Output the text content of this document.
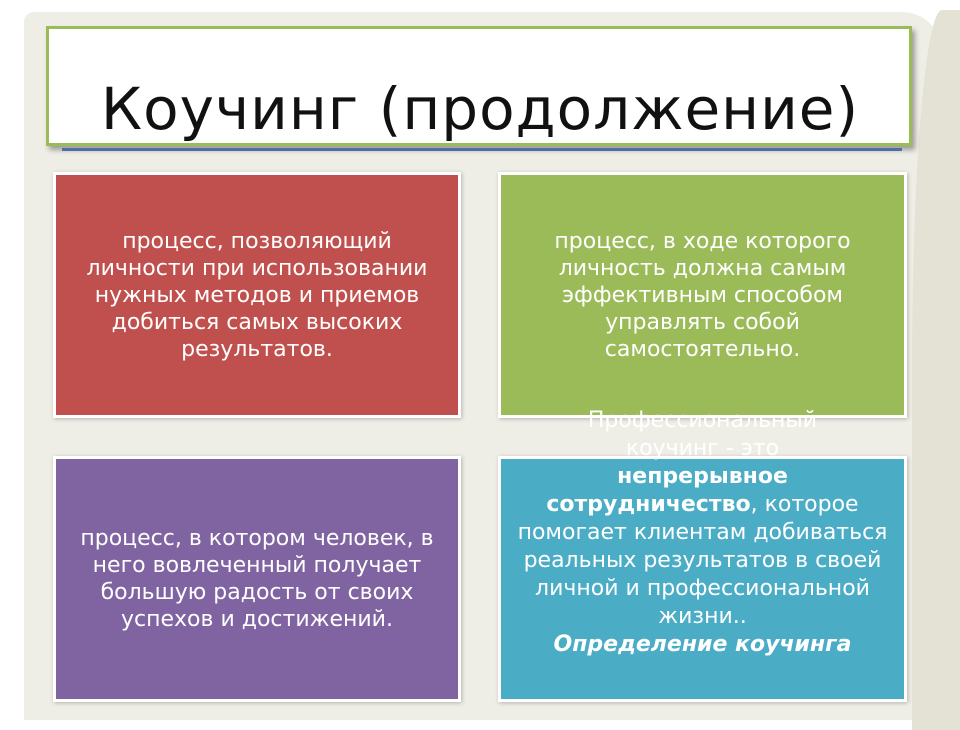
Коучинг (продолжение)
процесс, позволяющий личности при использовании нужных методов и приемов добиться самых высоких результатов.
процесс, в ходе которого личность должна самым эффективным способом управлять собой самостоятельно.
процесс, в котором человек, в него вовлеченный получает большую радость от своих успехов и достижений.
Профессиональный
коучинг - это
непрерывное сотрудничество, которое помогает клиентам добиваться реальных результатов в своей личной и профессиональной жизни..
Определение коучинга
